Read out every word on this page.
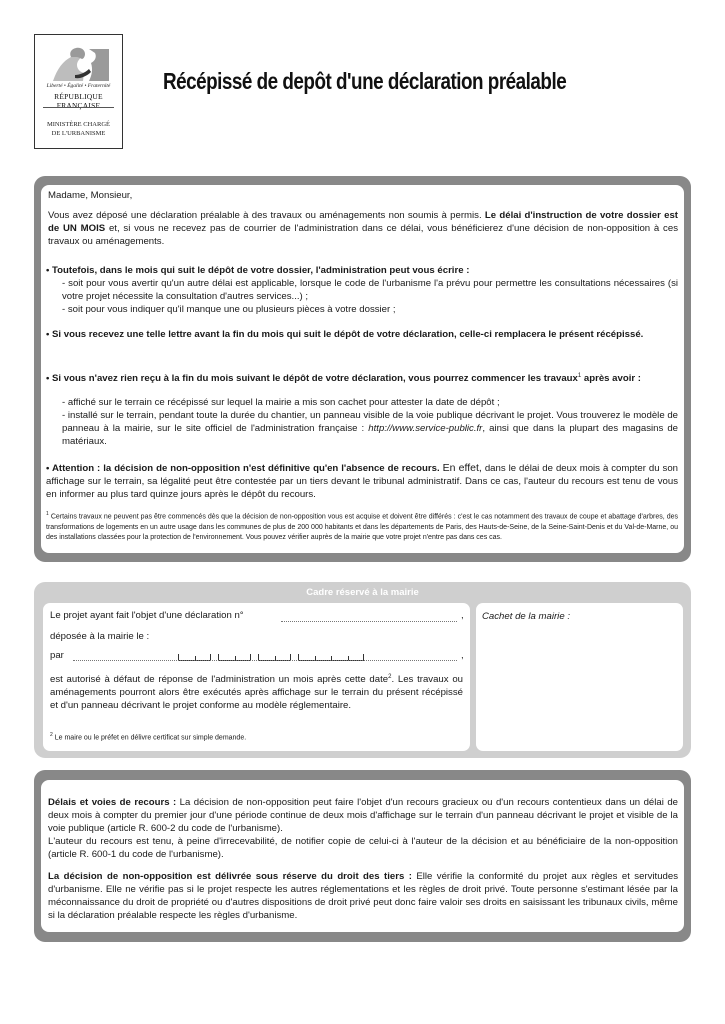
Liberté • Égalité • Fraternité
RÉPUBLIQUE FRANÇAISE
MINISTÈRE CHARGÉ
DE L'URBANISME
Récépissé de depôt d'une déclaration préalable
Madame, Monsieur,
Vous avez déposé une déclaration préalable à des travaux ou aménagements non soumis à permis. Le délai d'instruction de votre dossier est de UN MOIS et, si vous ne recevez pas de courrier de l'administration dans ce délai, vous bénéficierez d'une décision de non-opposition à ces travaux ou aménagements.
• Toutefois, dans le mois qui suit le dépôt de votre dossier, l'administration peut vous écrire :
- soit pour vous avertir qu'un autre délai est applicable, lorsque le code de l'urbanisme l'a prévu pour permettre les consultations nécessaires (si votre projet nécessite la consultation d'autres services...) ;
- soit pour vous indiquer qu'il manque une ou plusieurs pièces à votre dossier ;
• Si vous recevez une telle lettre avant la fin du mois qui suit le dépôt de votre déclaration, celle-ci remplacera le présent récépissé.
• Si vous n'avez rien reçu à la fin du mois suivant le dépôt de votre déclaration, vous pourrez commencer les travaux$^1$ après avoir :
- affiché sur le terrain ce récépissé sur lequel la mairie a mis son cachet pour attester la date de dépôt ;
- installé sur le terrain, pendant toute la durée du chantier, un panneau visible de la voie publique décrivant le projet. Vous trouverez le modèle de panneau à la mairie, sur le site officiel de l'administration française : http://www.service-public.fr, ainsi que dans la plupart des magasins de matériaux.
• Attention : la décision de non-opposition n'est définitive qu'en l'absence de recours. En effet, dans le délai de deux mois à compter du son affichage sur le terrain, sa légalité peut être contestée par un tiers devant le tribunal administratif. Dans ce cas, l'auteur du recours est tenu de vous en informer au plus tard quinze jours après le dépôt du recours.
$^1$ Certains travaux ne peuvent pas être commencés dès que la décision de non-opposition vous est acquise et doivent être différés : c'est le cas notamment des travaux de coupe et abattage d'arbres, des transformations de logements en un autre usage dans les communes de plus de 200 000 habitants et dans les départements de Paris, des Hauts-de-Seine, de la Seine-Saint-Denis et du Val-de-Marne, ou des installations classées pour la protection de l'environnement. Vous pouvez vérifier auprès de la mairie que votre projet n'entre pas dans ces cas.
Cadre réservé à la mairie
Le projet ayant fait l'objet d'une déclaration n°	,
déposée à la mairie le :
par	,
est autorisé à défaut de réponse de l'administration un mois après cette date$^2$. Les travaux ou aménagements pourront alors être exécutés après affichage sur le terrain du présent récépissé et d'un panneau décrivant le projet conforme au modèle réglementaire.
$^2$ Le maire ou le préfet en délivre certificat sur simple demande.
Cachet de la mairie :
Délais et voies de recours : La décision de non-opposition peut faire l'objet d'un recours gracieux ou d'un recours contentieux dans un délai de deux mois à compter du premier jour d'une période continue de deux mois d'affichage sur le terrain d'un panneau décrivant le projet et visible de la voie publique (article R. 600-2 du code de l'urbanisme).
L'auteur du recours est tenu, à peine d'irrecevabilité, de notifier copie de celui-ci à l'auteur de la décision et au bénéficiaire de la non-opposition (article R. 600-1 du code de l'urbanisme).
La décision de non-opposition est délivrée sous réserve du droit des tiers : Elle vérifie la conformité du projet aux règles et servitudes d'urbanisme. Elle ne vérifie pas si le projet respecte les autres réglementations et les règles de droit privé. Toute personne s'estimant lésée par la méconnaissance du droit de propriété ou d'autres dispositions de droit privé peut donc faire valoir ses droits en saisissant les tribunaux civils, même si la déclaration préalable respecte les règles d'urbanisme.
